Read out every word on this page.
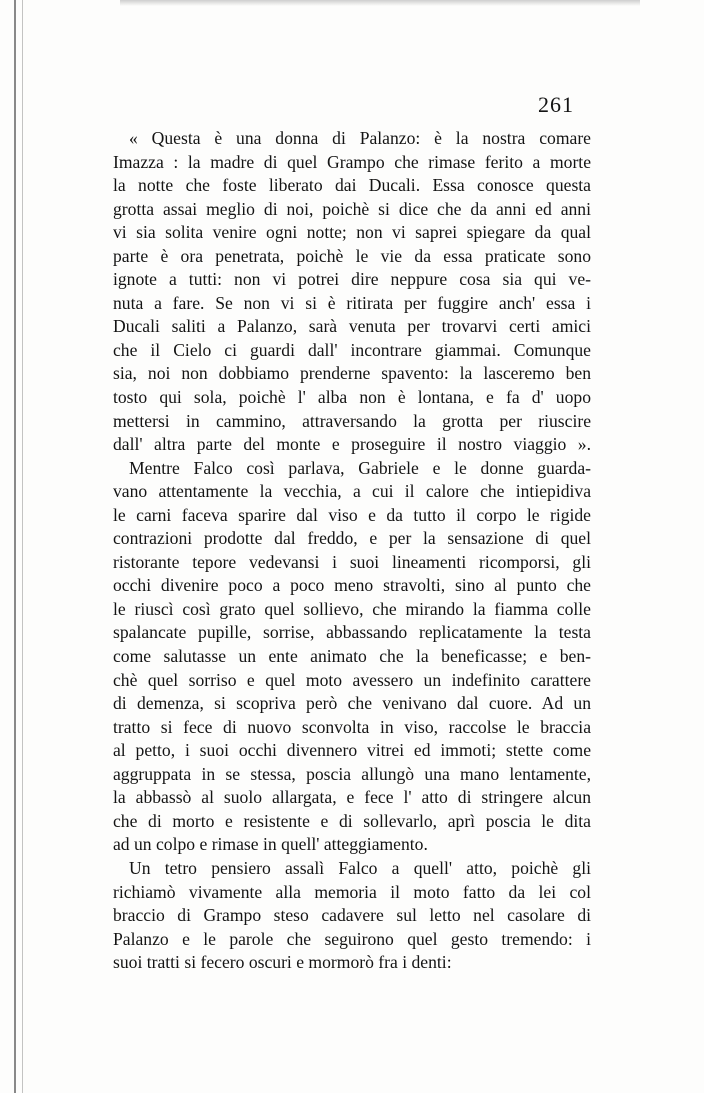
261
« Questa è una donna di Palanzo: è la nostra comare
Imazza : la madre di quel Grampo che rimase ferito a morte
la notte che foste liberato dai Ducali. Essa conosce questa
grotta assai meglio di noi, poichè si dice che da anni ed anni
vi sia solita venire ogni notte; non vi saprei spiegare da qual
parte è ora penetrata, poichè le vie da essa praticate sono
ignote a tutti: non vi potrei dire neppure cosa sia qui ve-
nuta a fare. Se non vi si è ritirata per fuggire anch' essa i
Ducali saliti a Palanzo, sarà venuta per trovarvi certi amici
che il Cielo ci guardi dall' incontrare giammai. Comunque
sia, noi non dobbiamo prenderne spavento: la lasceremo ben
tosto qui sola, poichè l' alba non è lontana, e fa d' uopo
mettersi in cammino, attraversando la grotta per riuscire
dall' altra parte del monte e proseguire il nostro viaggio ».
Mentre Falco così parlava, Gabriele e le donne guarda-
vano attentamente la vecchia, a cui il calore che intiepidiva
le carni faceva sparire dal viso e da tutto il corpo le rigide
contrazioni prodotte dal freddo, e per la sensazione di quel
ristorante tepore vedevansi i suoi lineamenti ricomporsi, gli
occhi divenire poco a poco meno stravolti, sino al punto che
le riuscì così grato quel sollievo, che mirando la fiamma colle
spalancate pupille, sorrise, abbassando replicatamente la testa
come salutasse un ente animato che la beneficasse; e ben-
chè quel sorriso e quel moto avessero un indefinito carattere
di demenza, si scopriva però che venivano dal cuore. Ad un
tratto si fece di nuovo sconvolta in viso, raccolse le braccia
al petto, i suoi occhi divennero vitrei ed immoti; stette come
aggruppata in se stessa, poscia allungò una mano lentamente,
la abbassò al suolo allargata, e fece l' atto di stringere alcun
che di morto e resistente e di sollevarlo, aprì poscia le dita
ad un colpo e rimase in quell' atteggiamento.
Un tetro pensiero assalì Falco a quell' atto, poichè gli
richiamò vivamente alla memoria il moto fatto da lei col
braccio di Grampo steso cadavere sul letto nel casolare di
Palanzo e le parole che seguirono quel gesto tremendo: i
suoi tratti si fecero oscuri e mormorò fra i denti:
